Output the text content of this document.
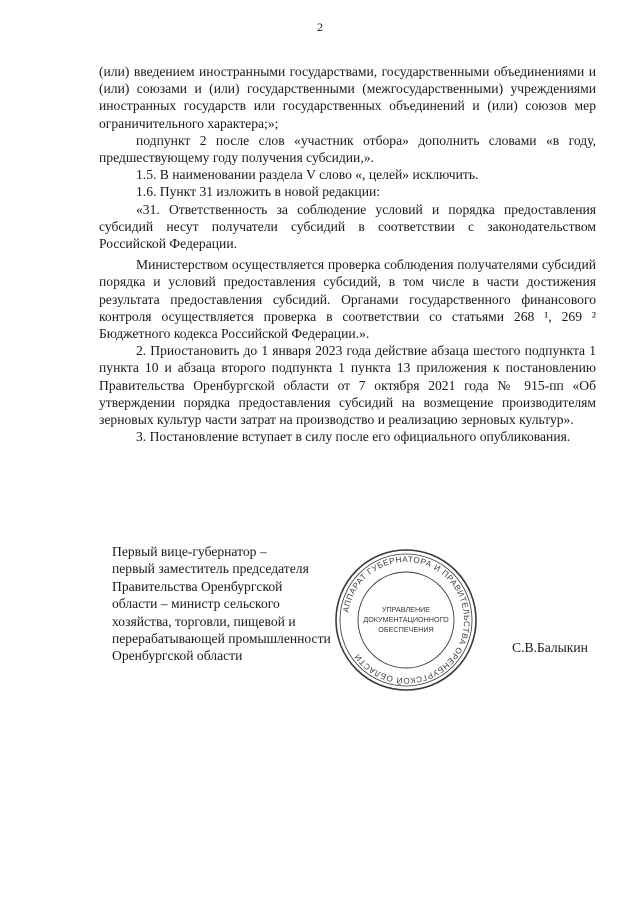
2

(или) введением иностранными государствами, государственными объединениями и (или) союзами и (или) государственными (межгосударственными) учреждениями иностранных государств или государственных объединений и (или) союзов мер ограничительного характера;»;

подпункт 2 после слов «участник отбора» дополнить словами «в году, предшествующему году получения субсидии,».

1.5. В наименовании раздела V слово «, целей» исключить.

1.6. Пункт 31 изложить в новой редакции:

«31. Ответственность за соблюдение условий и порядка предоставления субсидий несут получатели субсидий в соответствии с законодательством Российской Федерации.

Министерством осуществляется проверка соблюдения получателями субсидий порядка и условий предоставления субсидий, в том числе в части достижения результата предоставления субсидий. Органами государственного финансового контроля осуществляется проверка в соответствии со статьями 268 ¹, 269 ² Бюджетного кодекса Российской Федерации.».

2. Приостановить до 1 января 2023 года действие абзаца шестого подпункта 1 пункта 10 и абзаца второго подпункта 1 пункта 13 приложения к постановлению Правительства Оренбургской области от 7 октября 2021 года № 915-пп «Об утверждении порядка предоставления субсидий на возмещение производителям зерновых культур части затрат на производство и реализацию зерновых культур».

3. Постановление вступает в силу после его официального опубликования.

Первый вице-губернатор –
первый заместитель председателя
Правительства Оренбургской
области – министр сельского
хозяйства, торговли, пищевой и
перерабатывающей промышленности
Оренбургской области
АППАРАТ ГУБЕРНАТОРА И ПРАВИТЕЛЬСТВА ОРЕНБУРГСКОЙ ОБЛАСТИ
УПРАВЛЕНИЕ
ДОКУМЕНТАЦИОННОГО
ОБЕСПЕЧЕНИЯ
С.В.Балыкин
